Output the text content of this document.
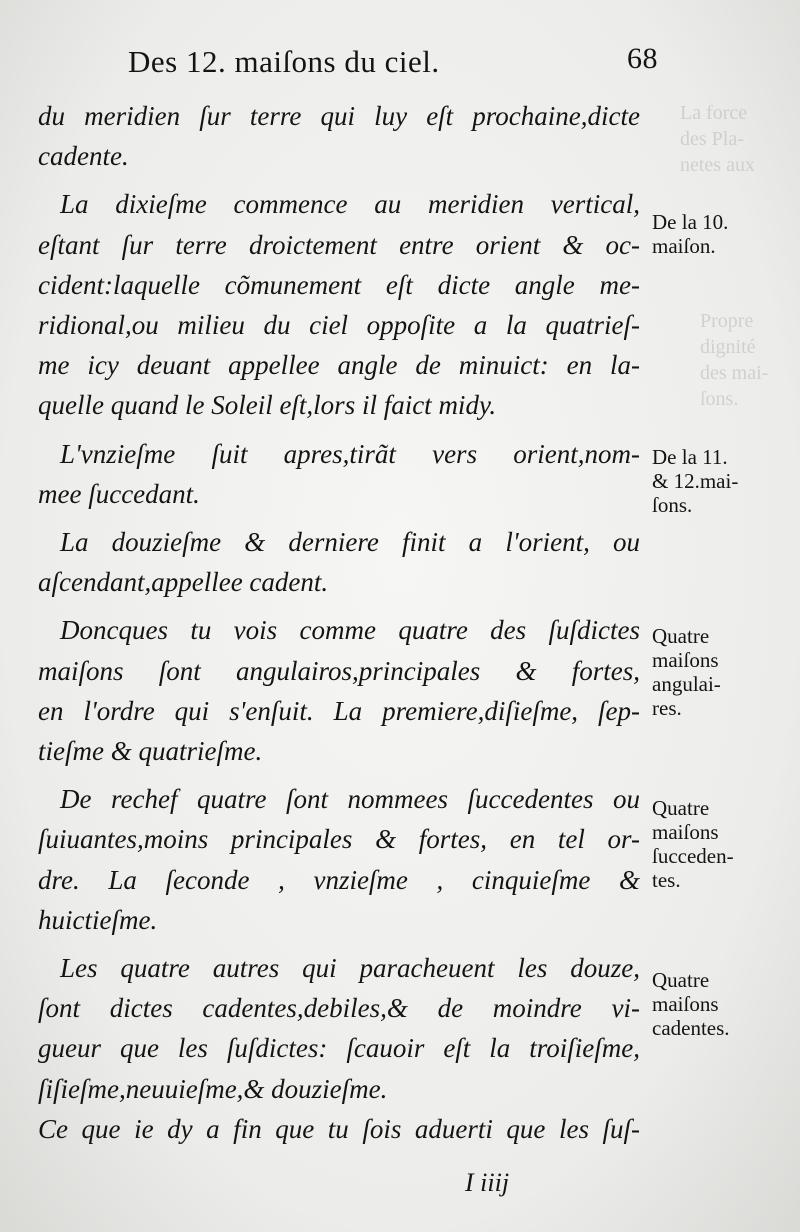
La force
des Pla-
netes aux
Propre
dignité
des mai-
ſons.
Des 12. maiſons du ciel.	68
du meridien ſur terre qui luy eſt prochaine,dicte
cadente.
La dixieſme commence au meridien vertical,
eſtant ſur terre droictement entre orient & oc-
cident:laquelle cõmunement eſt dicte angle me-
ridional,ou milieu du ciel oppoſite a la quatrieſ-
me icy deuant appellee angle de minuict: en la-
quelle quand le Soleil eſt,lors il faict midy.
L'vnzieſme ſuit apres,tirãt vers orient,nom-
mee ſuccedant.
La douzieſme & derniere finit a l'orient, ou
aſcendant,appellee cadent.
Doncques tu vois comme quatre des ſuſdictes
maiſons ſont angulairos,principales & fortes,
en l'ordre qui s'enſuit. La premiere,diſieſme, ſep-
tieſme & quatrieſme.
De rechef quatre ſont nommees ſuccedentes ou
ſuiuantes,moins principales & fortes, en tel or-
dre. La ſeconde , vnzieſme , cinquieſme &
huictieſme.
Les quatre autres qui paracheuent les douze,
ſont dictes cadentes,debiles,& de moindre vi-
gueur que les ſuſdictes: ſcauoir eſt la troiſieſme,
ſiſieſme,neuuieſme,& douzieſme.
Ce que ie dy a fin que tu ſois aduerti que les ſuſ-
De la 10.
maiſon.
De la 11.
& 12.mai-
ſons.
Quatre
maiſons
angulai-
res.
Quatre
maiſons
ſucceden-
tes.
Quatre
maiſons
cadentes.
I iiij
